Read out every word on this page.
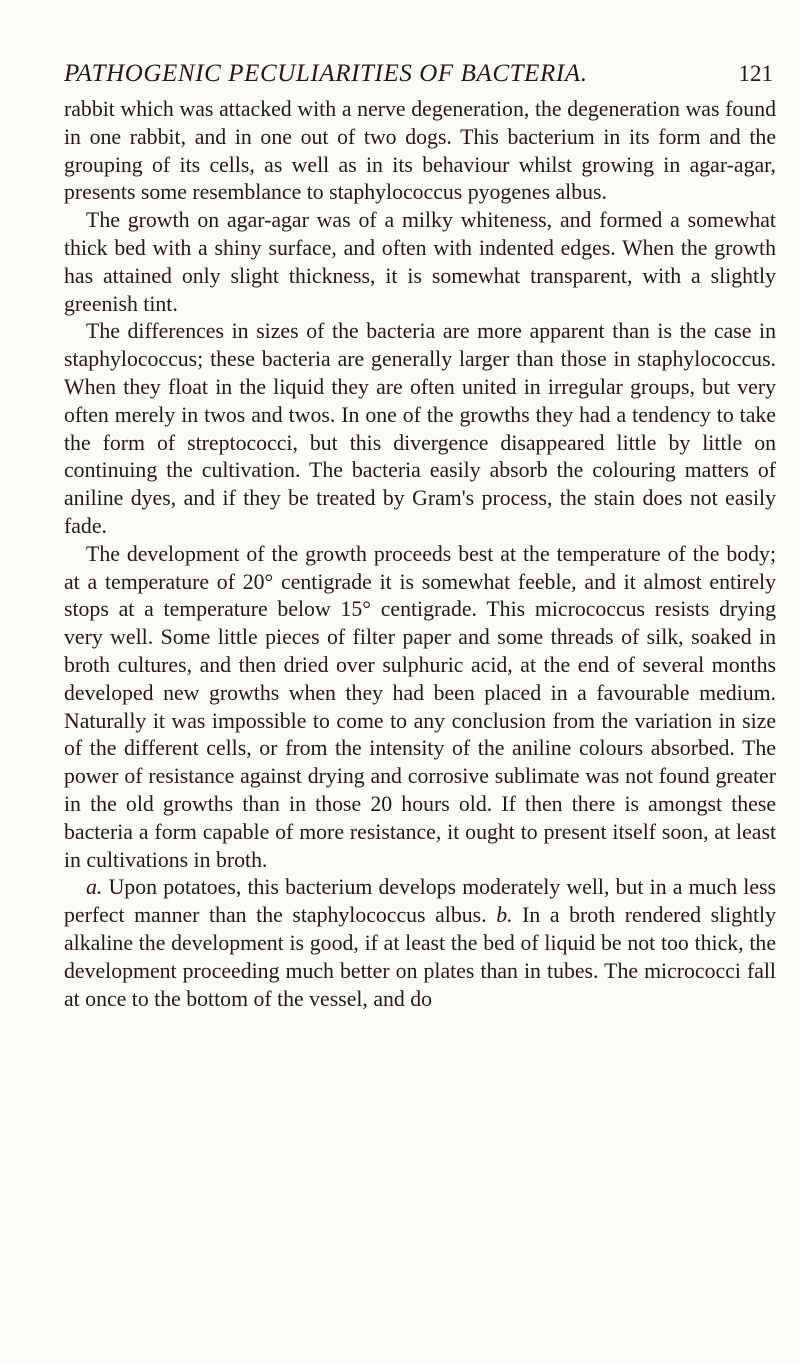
PATHOGENIC PECULIARITIES OF BACTERIA.	121

rabbit which was attacked with a nerve degeneration, the degeneration was found in one rabbit, and in one out of two dogs. This bacterium in its form and the grouping of its cells, as well as in its behaviour whilst growing in agar-agar, presents some resemblance to staphylococcus pyogenes albus.

The growth on agar-agar was of a milky whiteness, and formed a somewhat thick bed with a shiny surface, and often with indented edges. When the growth has attained only slight thickness, it is somewhat transparent, with a slightly greenish tint.

The differences in sizes of the bacteria are more apparent than is the case in staphylococcus; these bacteria are generally larger than those in staphylococcus. When they float in the liquid they are often united in irregular groups, but very often merely in twos and twos. In one of the growths they had a tendency to take the form of streptococci, but this divergence disappeared little by little on continuing the cultivation. The bacteria easily absorb the colouring matters of aniline dyes, and if they be treated by Gram's process, the stain does not easily fade.

The development of the growth proceeds best at the temperature of the body; at a temperature of 20° centigrade it is somewhat feeble, and it almost entirely stops at a temperature below 15° centigrade. This micrococcus resists drying very well. Some little pieces of filter paper and some threads of silk, soaked in broth cultures, and then dried over sulphuric acid, at the end of several months developed new growths when they had been placed in a favourable medium. Naturally it was impossible to come to any conclusion from the variation in size of the different cells, or from the intensity of the aniline colours absorbed. The power of resistance against drying and corrosive sublimate was not found greater in the old growths than in those 20 hours old. If then there is amongst these bacteria a form capable of more resistance, it ought to present itself soon, at least in cultivations in broth.

a. Upon potatoes, this bacterium develops moderately well, but in a much less perfect manner than the staphylococcus albus. b. In a broth rendered slightly alkaline the development is good, if at least the bed of liquid be not too thick, the development proceeding much better on plates than in tubes. The micrococci fall at once to the bottom of the vessel, and do
